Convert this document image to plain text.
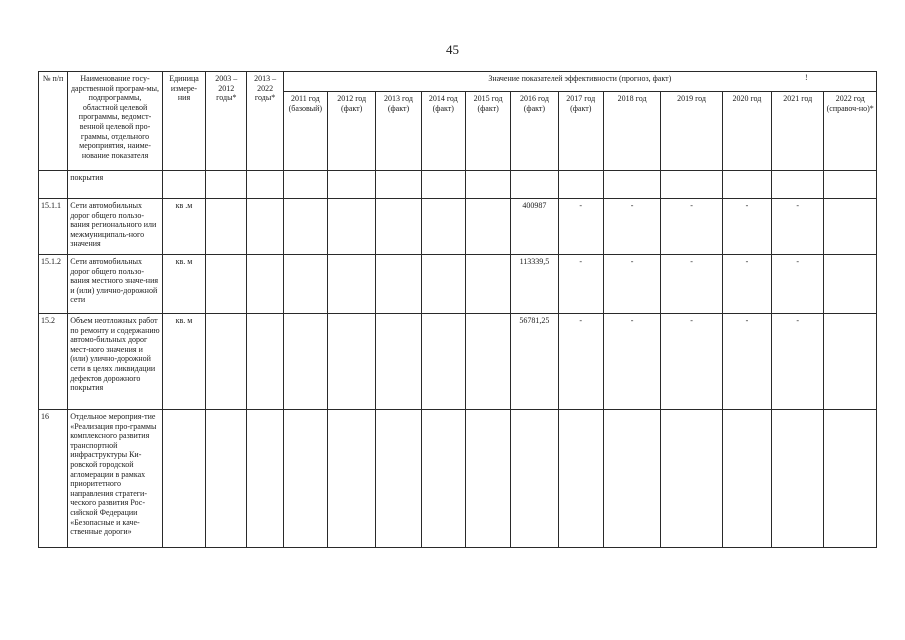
45
!
№ п/п	Наименование госу-дарственной програм-мы, подпрограммы, областной целевой программы, ведомст-венной целевой про-граммы, отдельного мероприятия, наиме-нование показателя	Единица измере-ния	2003 – 2012 годы*	2013 – 2022 годы*	Значение показателей эффективности (прогноз, факт)											
					2011 год (базовый)	2012 год (факт)	2013 год (факт)	2014 год (факт)	2015 год (факт)	2016 год (факт)	2017 год (факт)	2018 год	2019 год	2020 год	2021 год	2022 год (справоч-но)*
	покрытия															
15.1.1	Сети автомобильных дорог общего пользо-вания регионального или межмуниципаль-ного значения	кв .м								400987	-	-	-	-	-	
15.1.2	Сети автомобильных дорог общего пользо-вания местного значе-ния и (или) улично-дорожной сети	кв. м								113339,5	-	-	-	-	-	
15.2	Объем неотложных работ по ремонту и содержанию автомо-бильных дорог мест-ного значения и (или) улично-дорожной сети в целях ликвидации дефектов дорожного покрытия	кв. м								56781,25	-	-	-	-	-	
16	Отдельное мероприя-тие «Реализация про-граммы комплексного развития транспортной инфраструктуры Ки-ровской городской агломерации в рамках приоритетного направления стратеги-ческого развития Рос-сийской Федерации «Безопасные и каче-ственные дороги»															
